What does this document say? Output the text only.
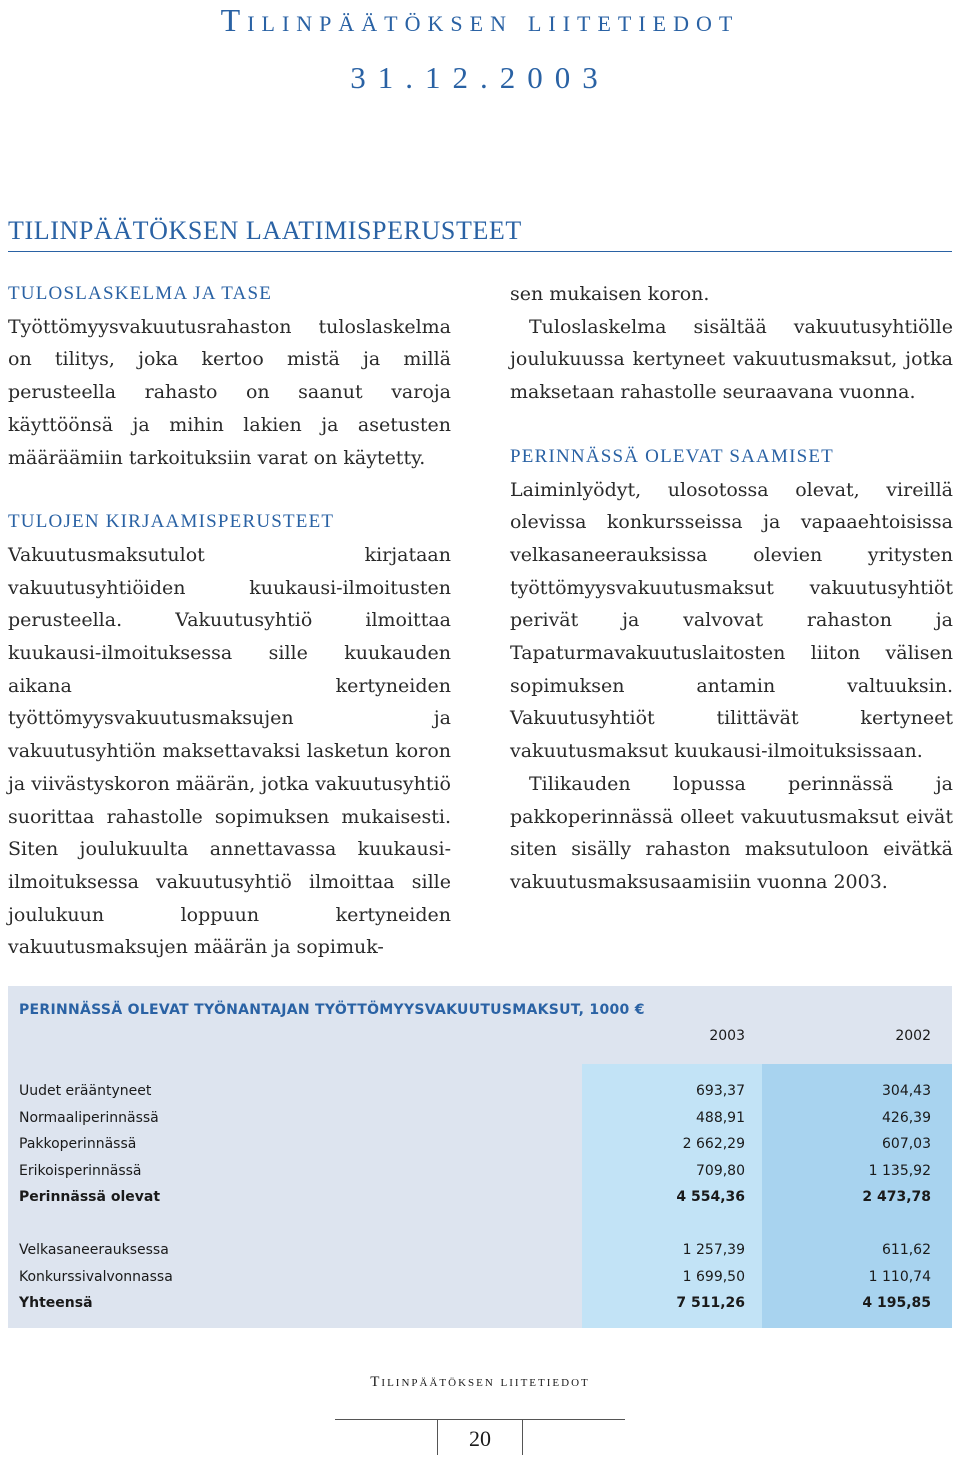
Tilinpäätöksen liitetiedot
31.12.2003
TILINPÄÄTÖKSEN LAATIMISPERUSTEET
TULOSLASKELMA JA TASE

Työttömyysvakuutusrahaston tuloslaskelma on tilitys, joka kertoo mistä ja millä perusteella rahasto on saanut varoja käyttöönsä ja mihin lakien ja asetusten määräämiin tarkoituksiin varat on käytetty.

TULOJEN KIRJAAMISPERUSTEET

Vakuutusmaksutulot kirjataan vakuutusyhtiöiden kuukausi-ilmoitusten perusteella. Vakuutusyhtiö ilmoittaa kuukausi-ilmoituksessa sille kuukauden aikana kertyneiden työttömyysvakuutusmaksujen ja vakuutusyhtiön maksettavaksi lasketun koron ja viivästyskoron määrän, jotka vakuutusyhtiö suorittaa rahastolle sopimuksen mukaisesti. Siten joulukuulta annettavassa kuukausi-ilmoituksessa vakuutusyhtiö ilmoittaa sille joulukuun loppuun kertyneiden vakuutusmaksujen määrän ja sopimuk-

sen mukaisen koron.

Tuloslaskelma sisältää vakuutusyhtiölle joulukuussa kertyneet vakuutusmaksut, jotka maksetaan rahastolle seuraavana vuonna.

PERINNÄSSÄ OLEVAT SAAMISET

Laiminlyödyt, ulosotossa olevat, vireillä olevissa konkursseissa ja vapaaehtoisissa velkasaneerauksissa olevien yritysten työttömyysvakuutusmaksut vakuutusyhtiöt perivät ja valvovat rahaston ja Tapaturmavakuutuslaitosten liiton välisen sopimuksen antamin valtuuksin. Vakuutusyhtiöt tilittävät kertyneet vakuutusmaksut kuukausi-ilmoituksissaan.

Tilikauden lopussa perinnässä ja pakkoperinnässä olleet vakuutusmaksut eivät siten sisälly rahaston maksutuloon eivätkä vakuutusmaksusaamisiin vuonna 2003.

PERINNÄSSÄ OLEVAT TYÖNANTAJAN TYÖTTÖMYYSVAKUUTUSMAKSUT, 1000 €
2003	2002
Uudet erääntyneet	693,37	304,43
Normaaliperinnässä	488,91	426,39
Pakkoperinnässä	2 662,29	607,03
Erikoisperinnässä	709,80	1 135,92
Perinnässä olevat	4 554,36	2 473,78
Velkasaneerauksessa	1 257,39	611,62
Konkurssivalvonnassa	1 699,50	1 110,74
Yhteensä	7 511,26	4 195,85
Tilinpäätöksen liitetiedot
20
